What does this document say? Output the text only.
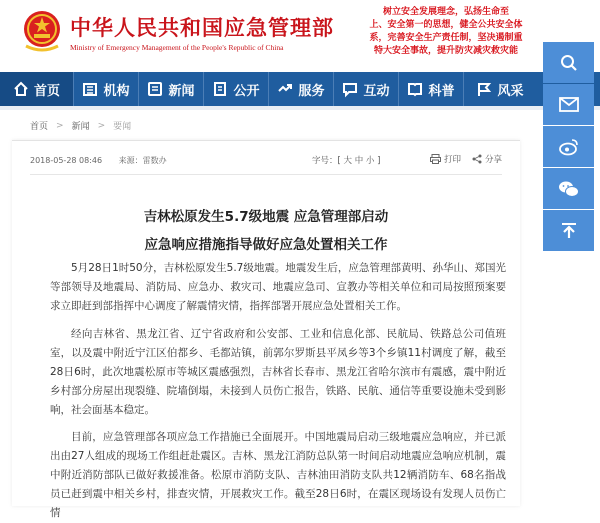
中华人民共和国应急管理部
Ministry of Emergency Management of the People's Republic of China
树立安全发展理念，弘扬生命至
上、安全第一的思想，健全公共安全体
系，完善安全生产责任制，坚决遏制重
特大安全事故，提升防灾减灾救灾能
首页	机构	新闻	公开	服务	互动	科普	风采
首页 > 新闻 > 要闻
2018-05-28 08:46 来源：雷数办	字号：[ 大 中 小 ]	打印	分享
吉林松原发生5.7级地震 应急管理部启动
应急响应措施指导做好应急处置相关工作

5月28日1时50分，吉林松原发生5.7级地震。地震发生后，应急管理部黄明、孙华山、郑国光等部领导及地震局、消防局、应急办、救灾司、地震应急司、宣教办等相关单位和司局按照预案要求立即赶到部指挥中心调度了解震情灾情，指挥部署开展应急处置相关工作。

经向吉林省、黑龙江省、辽宁省政府和公安部、工业和信息化部、民航局、铁路总公司值班室，以及震中附近宁江区伯都乡、毛都站镇，前郭尔罗斯县平凤乡等3个乡镇11村调度了解，截至28日6时，此次地震松原市等城区震感强烈，吉林省长春市、黑龙江省哈尔滨市有震感，震中附近乡村部分房屋出现裂缝、院墙倒塌，未接到人员伤亡报告，铁路、民航、通信等重要设施未受到影响，社会面基本稳定。

目前，应急管理部各项应急工作措施已全面展开。中国地震局启动三级地震应急响应，并已派出由27人组成的现场工作组赶赴震区。吉林、黑龙江消防总队第一时间启动地震应急响应机制，震中附近消防部队已做好救援准备。松原市消防支队、吉林油田消防支队共12辆消防车、68名指战员已赶到震中相关乡村，排查灾情，开展救灾工作。截至28日6时，在震区现场设有发现人员伤亡情
